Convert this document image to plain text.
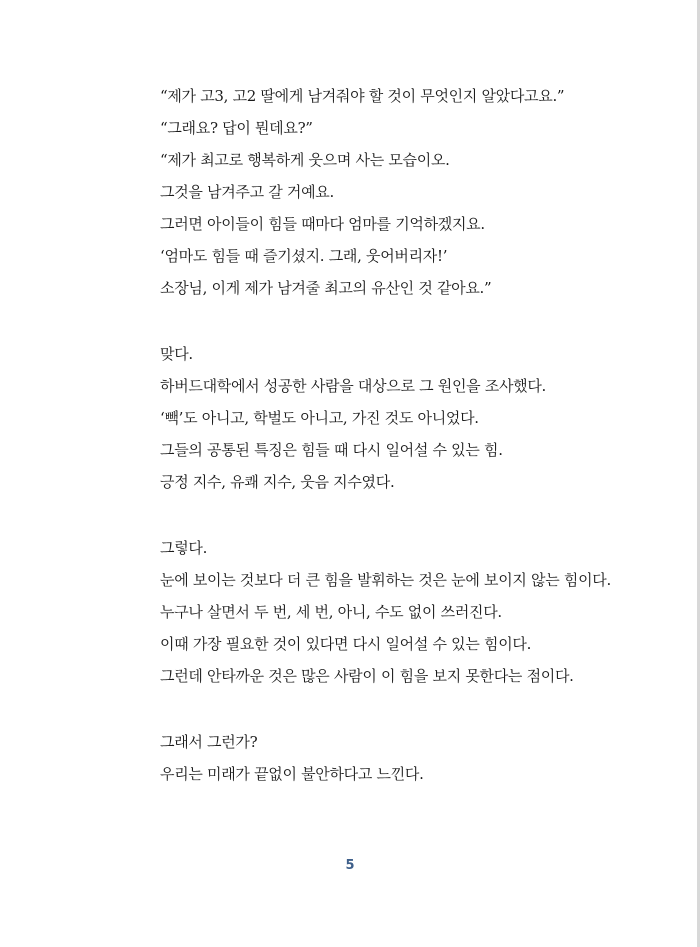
“제가 고3, 고2 딸에게 남겨줘야 할 것이 무엇인지 알았다고요.”
“그래요? 답이 뭔데요?”
“제가 최고로 행복하게 웃으며 사는 모습이오.
그것을 남겨주고 갈 거예요.
그러면 아이들이 힘들 때마다 엄마를 기억하겠지요.
‘엄마도 힘들 때 즐기셨지. 그래, 웃어버리자!’
소장님, 이게 제가 남겨줄 최고의 유산인 것 같아요.”
맞다.
하버드대학에서 성공한 사람을 대상으로 그 원인을 조사했다.
‘빽’도 아니고, 학벌도 아니고, 가진 것도 아니었다.
그들의 공통된 특징은 힘들 때 다시 일어설 수 있는 힘.
긍정 지수, 유쾌 지수, 웃음 지수였다.
그렇다.
눈에 보이는 것보다 더 큰 힘을 발휘하는 것은 눈에 보이지 않는 힘이다.
누구나 살면서 두 번, 세 번, 아니, 수도 없이 쓰러진다.
이때 가장 필요한 것이 있다면 다시 일어설 수 있는 힘이다.
그런데 안타까운 것은 많은 사람이 이 힘을 보지 못한다는 점이다.
그래서 그런가?
우리는 미래가 끝없이 불안하다고 느낀다.
5
